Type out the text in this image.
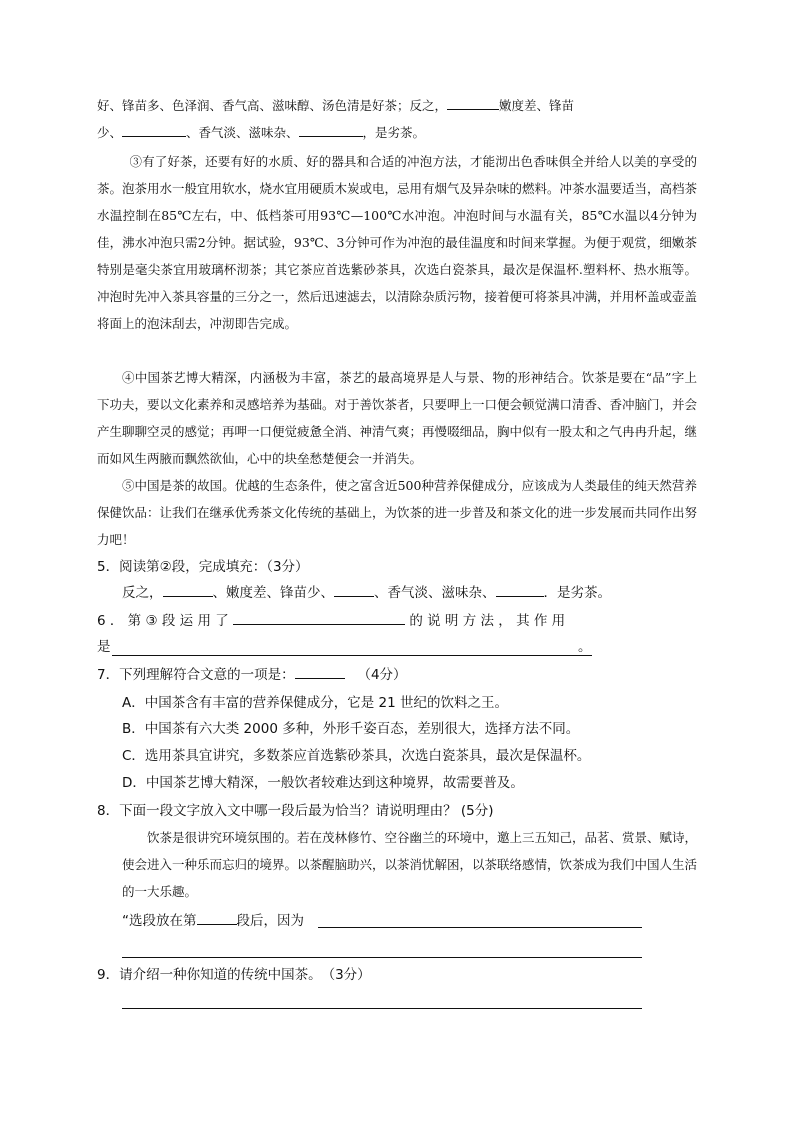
好、锋苗多、色泽润、香气高、滋味醇、汤色清是好茶；反之，	嫩度差、锋苗
少、	、香气淡、滋味杂、	，是劣茶。
③有了好茶，还要有好的水质、好的器具和合适的冲泡方法，才能沏出色香味俱全并给人以美的享受的茶。泡茶用水一般宜用软水，烧水宜用硬质木炭或电，忌用有烟气及异杂味的燃料。冲茶水温要适当，高档茶水温控制在85℃左右，中、低档茶可用93℃—100℃水冲泡。冲泡时间与水温有关，85℃水温以4分钟为佳，沸水冲泡只需2分钟。据试验，93℃、3分钟可作为冲泡的最佳温度和时间来掌握。为便于观赏，细嫩茶特别是毫尖茶宜用玻璃杯沏茶；其它茶应首选紫砂茶具，次选白瓷茶具，最次是保温杯.塑料杯、热水瓶等。冲泡时先冲入茶具容量的三分之一，然后迅速滤去，以清除杂质污物，接着便可将茶具冲满，并用杯盖或壶盖将面上的泡沫刮去，冲沏即告完成。
④中国茶艺博大精深，内涵极为丰富，茶艺的最高境界是人与景、物的形神结合。饮茶是要在“品”字上下功夫，要以文化素养和灵感培养为基础。对于善饮茶者，只要呷上一口便会顿觉满口清香、香冲脑门，并会产生聊聊空灵的感觉；再呷一口便觉疲惫全消、神清气爽；再慢啜细品，胸中似有一股太和之气冉冉升起，继而如风生两腋而飘然欲仙，心中的块垒愁楚便会一并消失。
⑤中国是茶的故国。优越的生态条件，使之富含近500种营养保健成分，应该成为人类最佳的纯天然营养保健饮品：让我们在继承优秀茶文化传统的基础上，为饮茶的进一步普及和茶文化的进一步发展而共同作出努力吧！
5．阅读第②段，完成填充：（3分）
反之，	、嫩度差、锋苗少、	、香气淡、滋味杂、	．是劣茶。
6 ． 第 ③ 段 运 用 了	的 说 明 方 法 ， 其 作 用
是	。
7．下列理解符合文意的一项是：	（4分）
A．中国茶含有丰富的营养保健成分，它是 21 世纪的饮料之王。
B．中国茶有六大类 2000 多种，外形千姿百态，差别很大，选择方法不同。
C．选用茶具宜讲究，多数茶应首选紫砂茶具，次选白瓷茶具，最次是保温杯。
D．中国茶艺博大精深，一般饮者较难达到这种境界，故需要普及。
8．下面一段文字放入文中哪一段后最为恰当？请说明理由？ (5分)
饮茶是很讲究环境氛围的。若在茂林修竹、空谷幽兰的环境中，邀上三五知己，品茗、赏景、赋诗，使会进入一种乐而忘归的境界。以茶醒脑助兴，以茶消忧解困，以茶联络感情，饮茶成为我们中国人生活的一大乐趣。
“选段放在第	段后，因为
9．请介绍一种你知道的传统中国茶。　（3分）
